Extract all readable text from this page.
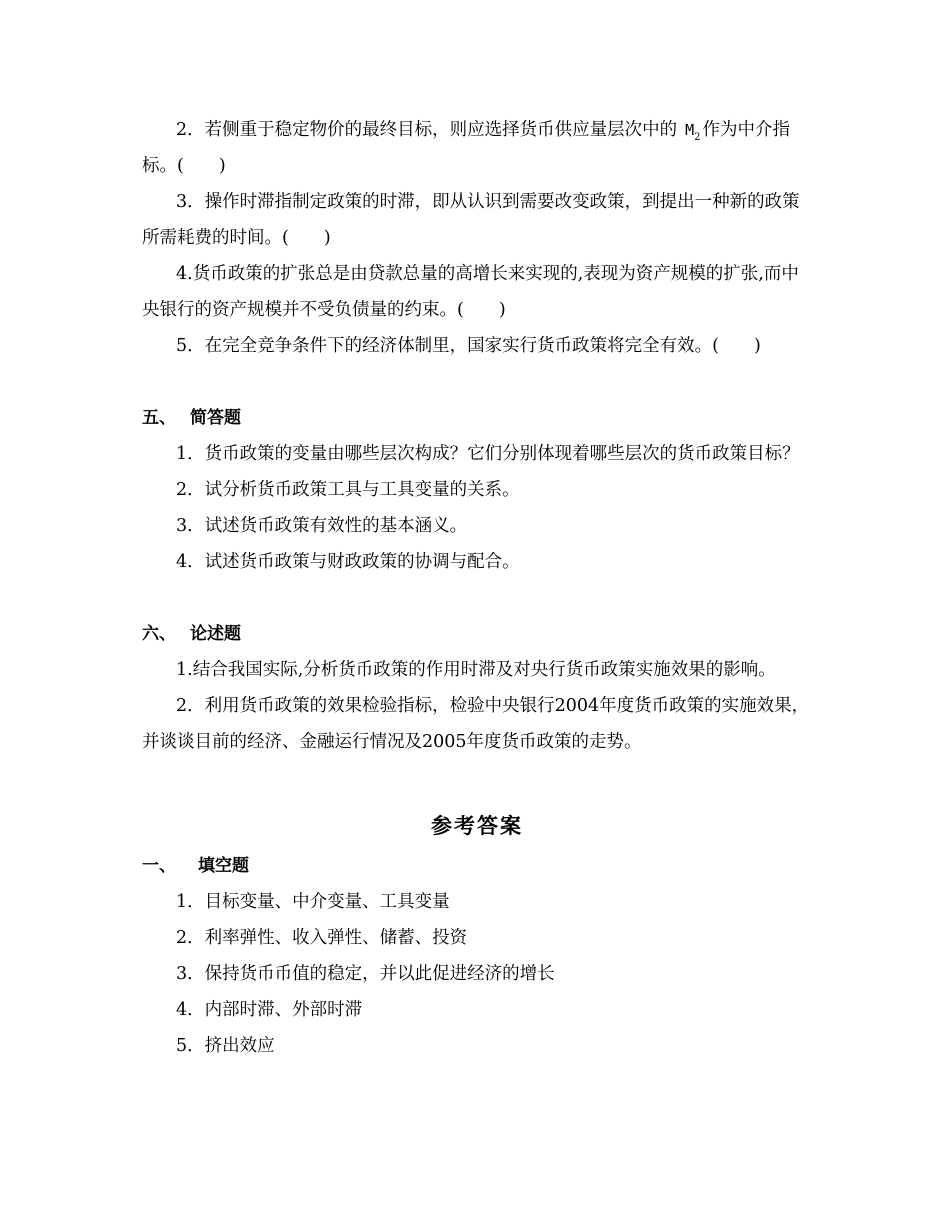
2．若侧重于稳定物价的最终目标，则应选择货币供应量层次中的 $M_2$ 作为中介指标。(　　)

3．操作时滞指制定政策的时滞，即从认识到需要改变政策，到提出一种新的政策所需耗费的时间。(　　)

4.货币政策的扩张总是由贷款总量的高增长来实现的,表现为资产规模的扩张,而中央银行的资产规模并不受负债量的约束。(　　)

5．在完全竞争条件下的经济体制里，国家实行货币政策将完全有效。(　　)

五、 简答题

1．货币政策的变量由哪些层次构成？它们分别体现着哪些层次的货币政策目标？

2．试分析货币政策工具与工具变量的关系。

3．试述货币政策有效性的基本涵义。

4．试述货币政策与财政政策的协调与配合。

六、 论述题

1.结合我国实际,分析货币政策的作用时滞及对央行货币政策实施效果的影响。

2．利用货币政策的效果检验指标，检验中央银行2004年度货币政策的实施效果，并谈谈目前的经济、金融运行情况及2005年度货币政策的走势。

参考答案

一、 填空题

1．目标变量、中介变量、工具变量

2．利率弹性、收入弹性、储蓄、投资

3．保持货币币值的稳定，并以此促进经济的增长

4．内部时滞、外部时滞

5．挤出效应
